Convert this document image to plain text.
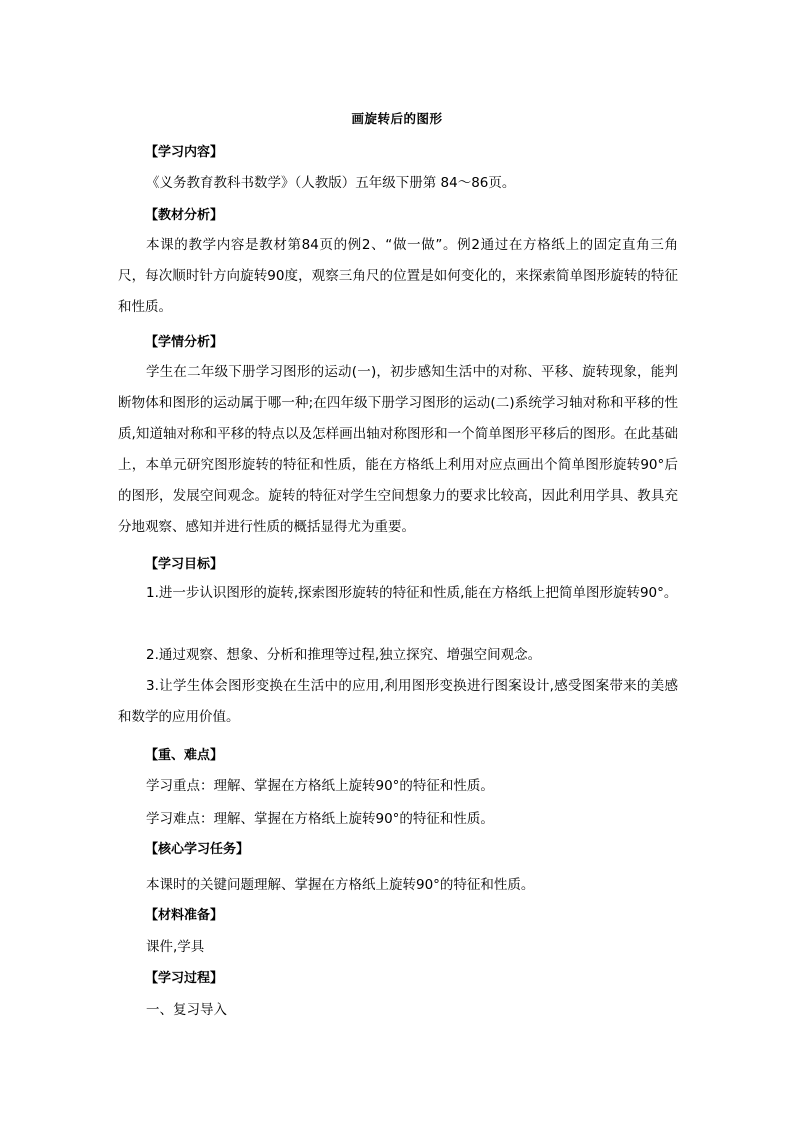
画旋转后的图形
【学习内容】
《义务教育教科书数学》（人教版）五年级下册第 84～86页。
【教材分析】
本课的教学内容是教材第84页的例2、“做一做”。例2通过在方格纸上的固定直角三角尺，每次顺时针方向旋转90度，观察三角尺的位置是如何变化的，来探索简单图形旋转的特征和性质。
【学情分析】
学生在二年级下册学习图形的运动(一)，初步感知生活中的对称、平移、旋转现象，能判断物体和图形的运动属于哪一种;在四年级下册学习图形的运动(二)系统学习轴对称和平移的性质,知道轴对称和平移的特点以及怎样画出轴对称图形和一个简单图形平移后的图形。在此基础上，本单元研究图形旋转的特征和性质，能在方格纸上利用对应点画出个简单图形旋转90°后的图形，发展空间观念。旋转的特征对学生空间想象力的要求比较高，因此利用学具、教具充分地观察、感知并进行性质的概括显得尤为重要。
【学习目标】
1.进一步认识图形的旋转,探索图形旋转的特征和性质,能在方格纸上把简单图形旋转90°。
2.通过观察、想象、分析和推理等过程,独立探究、增强空间观念。
3.让学生体会图形变换在生活中的应用,利用图形变换进行图案设计,感受图案带来的美感和数学的应用价值。
【重、难点】
学习重点：理解、掌握在方格纸上旋转90°的特征和性质。
学习难点：理解、掌握在方格纸上旋转90°的特征和性质。
【核心学习任务】
本课时的关键问题理解、掌握在方格纸上旋转90°的特征和性质。
【材料准备】
课件,学具
【学习过程】
一、复习导入
